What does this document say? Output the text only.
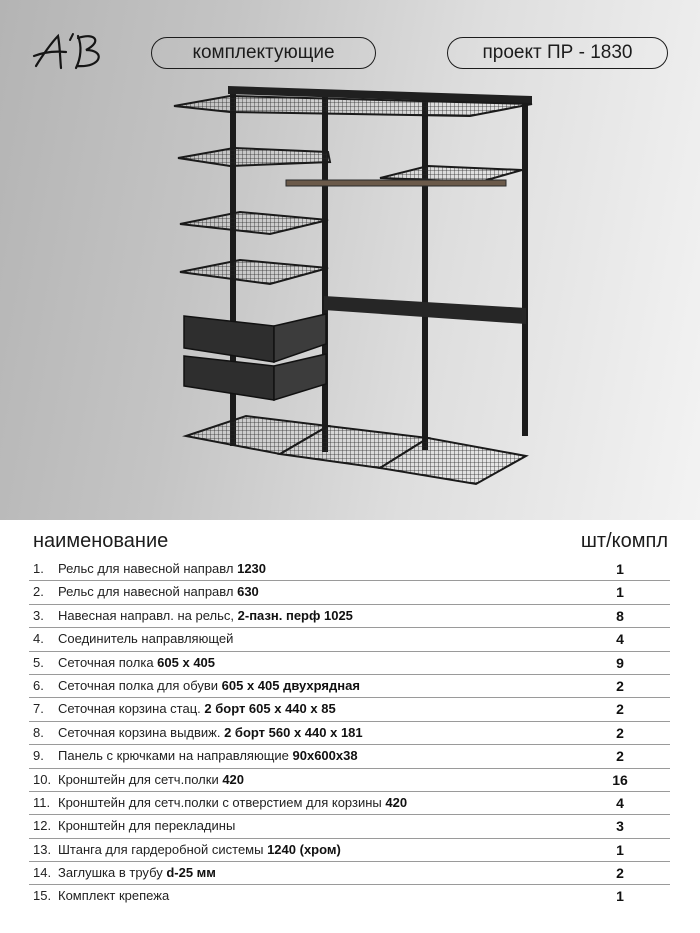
комплектующие	проект ПР - 1830
наименование	шт/компл
1. Рельс для навесной направл 1230	1
2. Рельс для навесной направл 630	1
3. Навесная направл. на рельс, 2-пазн. перф 1025	8
4. Соединитель направляющей	4
5. Сеточная полка 605 х 405	9
6. Сеточная полка для обуви 605 х 405 двухрядная	2
7. Сеточная корзина стац. 2 борт 605 х 440 х 85	2
8. Сеточная корзина выдвиж. 2 борт 560 х 440 х 181	2
9. Панель с крючками на направляющие 90х600х38	2
10. Кронштейн для сетч.полки 420	16
11. Кронштейн для сетч.полки с отверстием для корзины 420	4
12. Кронштейн для перекладины	3
13. Штанга для гардеробной системы 1240 (хром)	1
14. Заглушка в трубу d-25 мм	2
15. Комплект крепежа	1
